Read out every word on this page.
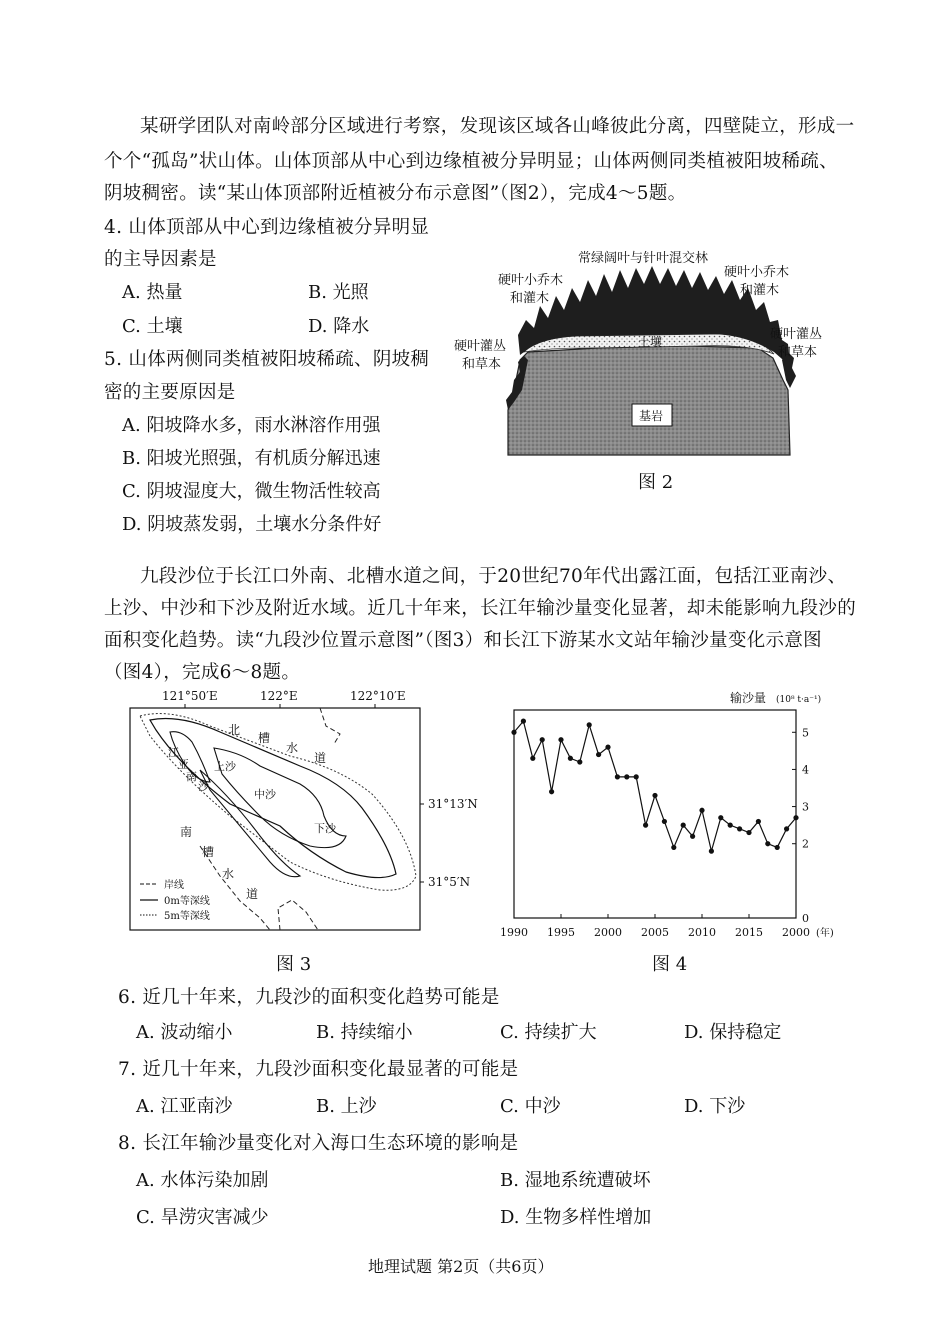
某研学团队对南岭部分区域进行考察，发现该区域各山峰彼此分离，四壁陡立，形成一
个个“孤岛”状山体。山体顶部从中心到边缘植被分异明显；山体两侧同类植被阳坡稀疏、
阴坡稠密。读“某山体顶部附近植被分布示意图”（图2），完成4～5题。
4. 山体顶部从中心到边缘植被分异明显
的主导因素是
A. 热量	B. 光照
C. 土壤	D. 降水
5. 山体两侧同类植被阳坡稀疏、阴坡稠
密的主要原因是
A. 阳坡降水多，雨水淋溶作用强
B. 阳坡光照强，有机质分解迅速
C. 阴坡湿度大，微生物活性较高
D. 阴坡蒸发弱，土壤水分条件好
常绿阔叶与针叶混交林
硬叶小乔木
和灌木
硬叶小乔木
和灌木
硬叶灌丛
和草本
硬叶灌丛
和草本
土壤
基岩
图 2
九段沙位于长江口外南、北槽水道之间，于20世纪70年代出露江面，包括江亚南沙、
上沙、中沙和下沙及附近水域。近几十年来，长江年输沙量变化显著，却未能影响九段沙的
面积变化趋势。读“九段沙位置示意图”（图3）和长江下游某水文站年输沙量变化示意图
（图4），完成6～8题。
121°50′E	122°E	122°10′E
31°13′N
31°5′N
北
槽
水
道
南
槽
水
道
江
亚
南
沙
上沙
中沙
下沙
岸线
0m等深线
5m等深线
图 3
输沙量 (10⁸ t·a⁻¹)
0
2
3
4
5
1990 1995 2000 2005 2010 2015 2000 (年)
图 4
6. 近几十年来，九段沙的面积变化趋势可能是
A. 波动缩小	B. 持续缩小	C. 持续扩大	D. 保持稳定
7. 近几十年来，九段沙面积变化最显著的可能是
A. 江亚南沙	B. 上沙	C. 中沙	D. 下沙
8. 长江年输沙量变化对入海口生态环境的影响是
A. 水体污染加剧	B. 湿地系统遭破坏
C. 旱涝灾害减少	D. 生物多样性增加
地理试题 第2页（共6页）
